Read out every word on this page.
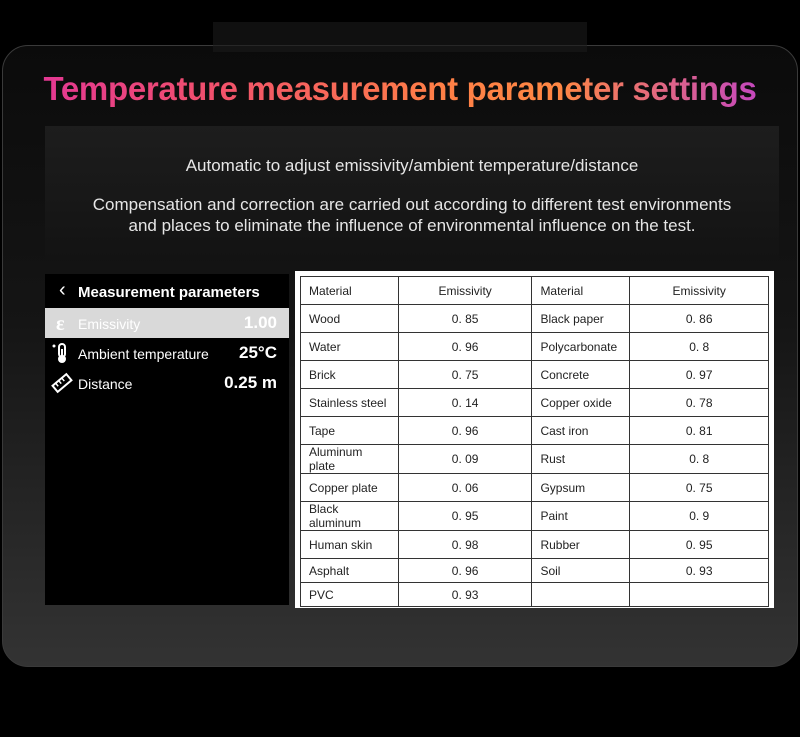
Temperature measurement parameter settings
Automatic to adjust emissivity/ambient temperature/distance
Compensation and correction are carried out according to different test environments
and places to eliminate the influence of environmental influence on the test.
‹ Measurement parameters
ε Emissivity	1.00
Ambient temperature 25°C
Distance	0.25 m
Material	Emissivity	Material	Emissivity
Wood	0. 85	Black paper	0. 86
Water	0. 96	Polycarbonate	0. 8
Brick	0. 75	Concrete	0. 97
Stainless steel	0. 14	Copper oxide	0. 78
Tape	0. 96	Cast iron	0. 81
Aluminum plate	0. 09	Rust	0. 8
Copper plate	0. 06	Gypsum	0. 75
Black aluminum	0. 95	Paint	0. 9
Human skin	0. 98	Rubber	0. 95
Asphalt	0. 96	Soil	0. 93
PVC	0. 93		
